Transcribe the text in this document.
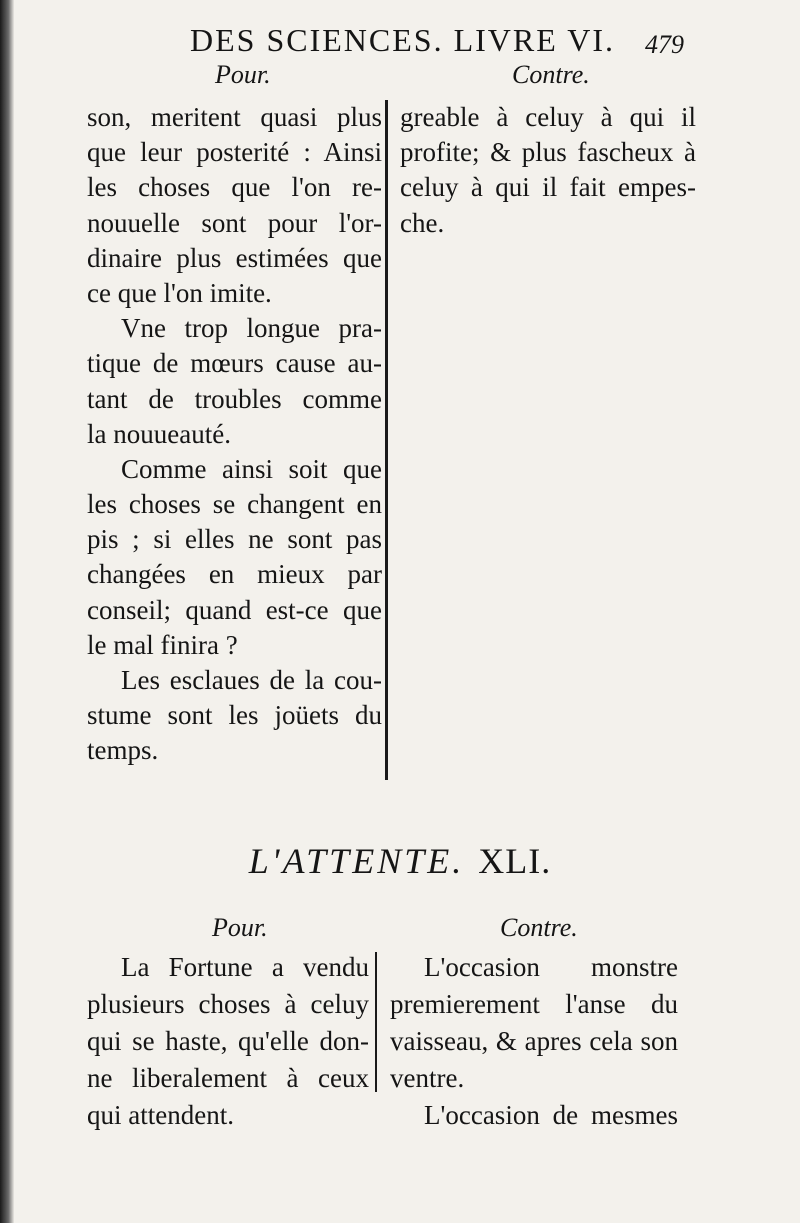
DES SCIENCES. LIVRE VI. 479
Pour.	Contre.
son, meritent quasi plus
que leur posterité : Ainsi
les choses que l'on re-
nouuelle sont pour l'or-
dinaire plus estimées que
ce que l'on imite.
Vne trop longue pra-
tique de mœurs cause au-
tant de troubles comme
la nouueauté.
Comme ainsi soit que
les choses se changent en
pis ; si elles ne sont pas
changées en mieux par
conseil; quand est-ce que
le mal finira ?
Les esclaues de la cou-
stume sont les joüets du
temps.
greable à celuy à qui il
profite; & plus fascheux à
celuy à qui il fait empes-
che.
L'ATTENTE. XLI.
Pour.	Contre.
La Fortune a vendu
plusieurs choses à celuy
qui se haste, qu'elle don-
ne liberalement à ceux
qui attendent.
L'occasion monstre
premierement l'anse du
vaisseau, & apres cela son
ventre.
L'occasion de mesmes
